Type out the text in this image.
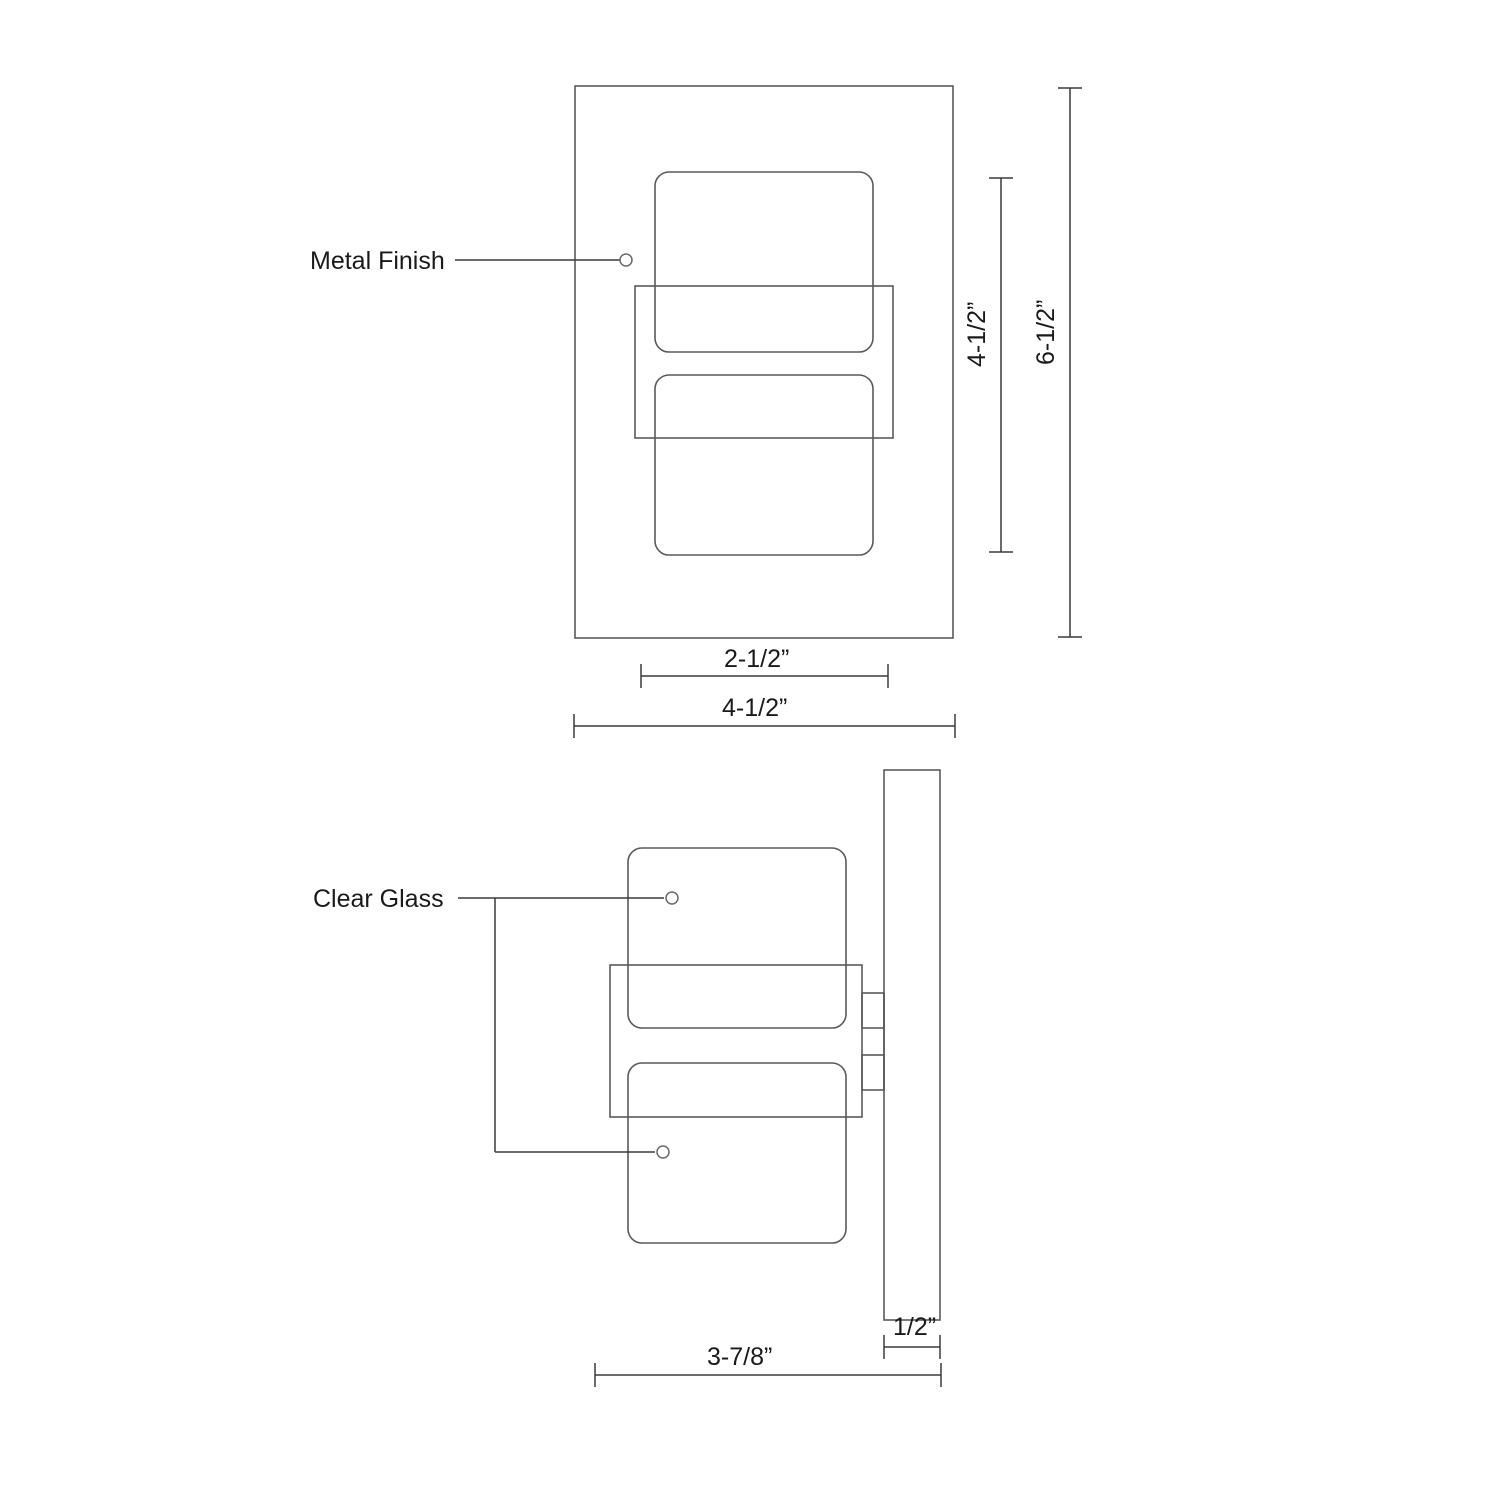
Metal Finish
Clear Glass
4-1/2” 6-1/2”
2-1/2”
4-1/2”
3-7/8”
1/2”
